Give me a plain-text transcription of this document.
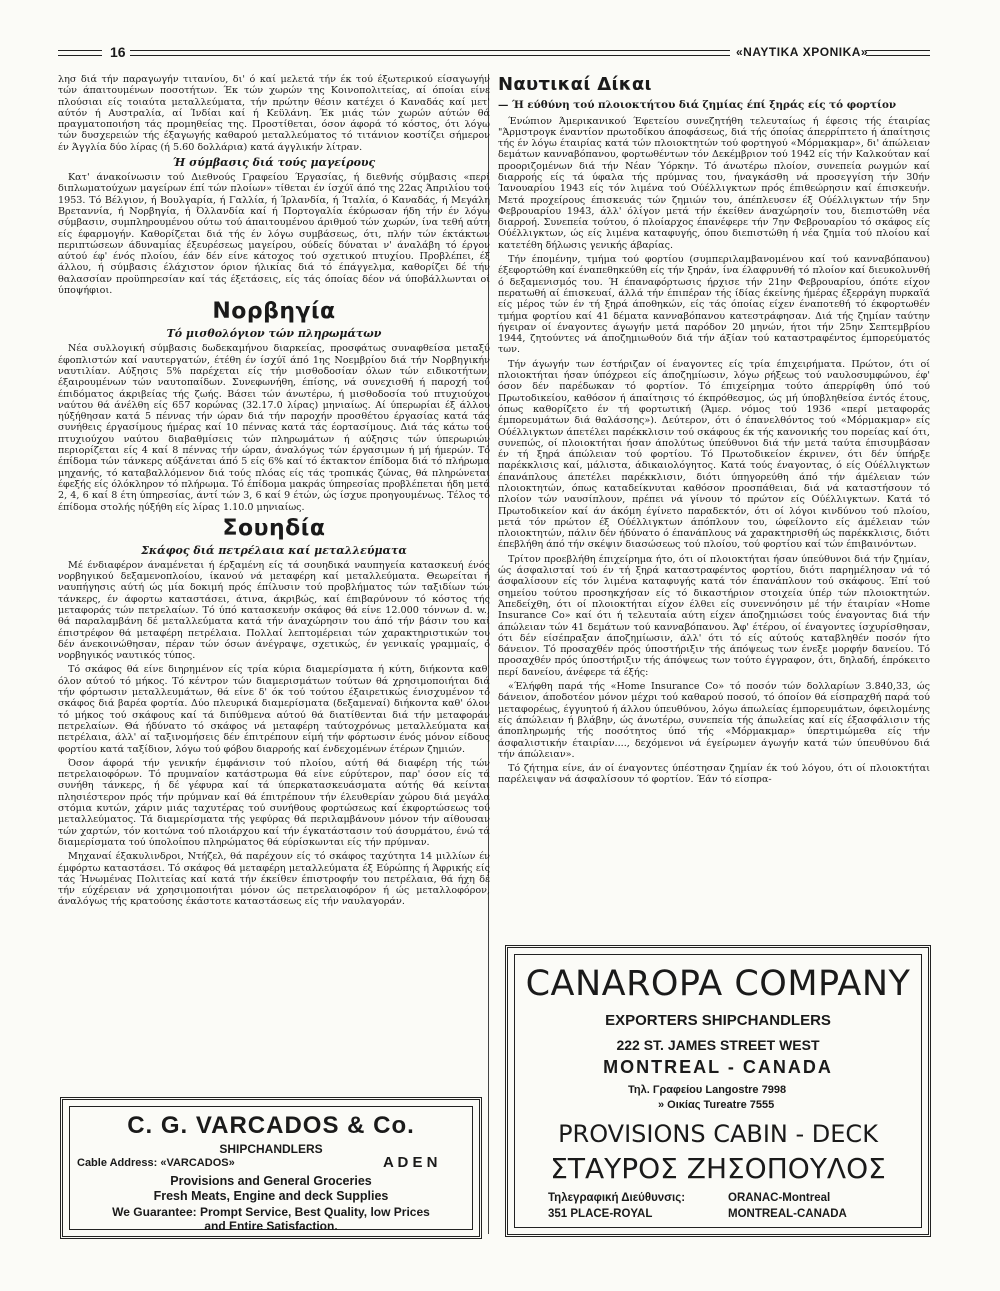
16	«ΝΑΥΤΙΚΑ ΧΡΟΝΙΚΑ»

λησ διά τήν παραγωγήν τιτανίου, δι' ό καί μελετά τήν έκ τού έξωτερικού είσαγωγήν τών άπαιτουμένων ποσοτήτων. Έκ τών χωρών της Κοινοπολιτείας, αί όποίαι είνε πλούσιαι είς τοιαύτα μεταλλεύματα, τήν πρώτην θέσιν κατέχει ό Καναδάς καί μετ' αύτόν ή Αυστραλία, αί Ίνδίαι καί ή Κεϋλάνη. Έκ μιάς τών χωρών αύτών θά πραγματοποιήση τάς προμηθείας της. Προστίθεται, όσον άφορά τό κόστος, ότι λόγω τών δυσχερειών τής έξαγωγής καθαρού μεταλλεύματος τό τιτάνιον κοστίζει σήμερον έν Άγγλία δύο λίρας (ή 5.60 δολλάρια) κατά άγγλικήν λίτραν.

Ή σύμβασις διά τούς μαγείρους

Κατ' άνακοίνωσιν τού Διεθνούς Γραφείου Έργασίας, ή διεθνής σύμβασις «περί διπλωματούχων μαγείρων έπί τών πλοίων» τίθεται έν ίσχύϊ άπό της 22ας Άπριλίου τού 1953. Τό Βέλγιον, ή Βουλγαρία, ή Γαλλία, ή Ίρλανδία, ή Ίταλία, ό Καναδάς, ή Μεγάλη Βρεταννία, ή Νορβηγία, ή Όλλανδία καί ή Πορτογαλία έκύρωσαν ήδη τήν έν λόγω σύμβασιν, συμπληρουμένου ούτω τού άπαιτουμένου άριθμού τών χωρών, ίνα τεθή αύτη είς έφαρμογήν. Καθορίζεται διά τής έν λόγω συμβάσεως, ότι, πλήν τών έκτάκτων περιπτώσεων άδυναμίας έξευρέσεως μαγείρου, ούδείς δύναται ν' άναλάβη τό έργον αύτού έφ' ένός πλοίου, έάν δέν είνε κάτοχος τού σχετικού πτυχίου. Προβλέπει, έξ άλλου, ή σύμβασις έλάχιστον όριον ήλικίας διά τό έπάγγελμα, καθορίζει δέ τήν θαλασσίαν προϋπηρεσίαν καί τάς έξετάσεις, είς τάς όποίας δέον νά ύποβάλλωνται οί ύποψήφιοι.

Νορβηγία
Τό μισθολόγιον τών πληρωμάτων

Νέα συλλογική σύμβασις δωδεκαμήνου διαρκείας, προσφάτως συναφθείσα μεταξύ έφοπλιστών καί ναυτεργατών, έτέθη έν ίσχύϊ άπό 1ης Νοεμβρίου διά τήν Νορβηγικήν ναυτιλίαν. Αύξησις 5% παρέχεται είς τήν μισθοδοσίαν όλων τών ειδικοτήτων, έξαιρουμένων τών ναυτοπαίδων. Συνεφωνήθη, έπίσης, νά συνεχισθή ή παροχή τού έπιδόματος άκριβείας τής ζωής. Βάσει τών άνωτέρω, ή μισθοδοσία τού πτυχιούχου ναύτου θά άνέλθη είς 657 κορώνας (32.17.0 λίρας) μηνιαίως. Αί ύπερωρίαι έξ άλλου ηύξήθησαν κατά 5 πέννας τήν ώραν διά τήν παροχήν προσθέτου έργασίας κατά τάς συνήθεις έργασίμους ήμέρας καί 10 πέννας κατά τάς έορτασίμους. Διά τάς κάτω τού πτυχιούχου ναύτου διαβαθμίσεις τών πληρωμάτων ή αύξησις τών ύπερωριών περιορίζεται είς 4 καί 8 πέννας τήν ώραν, άναλόγως τών έργασιμων ή μή ήμερών. Τό έπίδομα τών τάνκερς αύξάνεται άπό 5 είς 6% καί τό έκτακτον έπίδομα διά τό πλήρωμα μηχανής, τό καταβαλλόμενον διά τούς πλόας είς τάς τροπικάς ζώνας, θά πληρώνεται έφεξής είς όλόκληρον τό πλήρωμα. Τό έπίδομα μακράς ύπηρεσίας προβλέπεται ήδη μετά 2, 4, 6 καί 8 έτη ύπηρεσίας, άντί τών 3, 6 καί 9 έτών, ώς ίσχυε προηγουμένως. Τέλος τό έπίδομα στολής ηύξήθη είς λίρας 1.10.0 μηνιαίως.

Σουηδία
Σκάφος διά πετρέλαια καί μεταλλεύματα

Μέ ένδιαφέρον άναμένεται ή έρξαμένη είς τά σουηδικά ναυπηγεία κατασκευή ένός νορβηγικού δεξαμενοπλοίου, ίκανού νά μεταφέρη καί μεταλλεύματα. Θεωρείται ή ναυπήγησις αύτή ώς μία δοκιμή πρός έπίλυσιν τού προβλήματος τών ταξιδίων τών τάνκερς, έν άφορτω καταστάσει, άτινα, άκριβώς, καί έπιβαρύνουν τό κόστος τής μεταφοράς τών πετρελαίων. Τό ύπό κατασκευήν σκάφος θά είνε 12.000 τόννων d. w., θά παραλαμβάνη δέ μεταλλεύματα κατά τήν άναχώρησιν του άπό τήν βάσιν του καί έπιστρέφον θά μεταφέρη πετρέλαια. Πολλαί λεπτομέρειαι τών χαρακτηριστικών του δέν άνεκοινώθησαν, πέραν τών όσων άνέγραψε, σχετικώς, έν γενικαίς γραμμαίς, ό νορβηγικός ναυτικός τύπος.

Τό σκάφος θά είνε διηρημένον είς τρία κύρια διαμερίσματα ή κύτη, διήκοντα καθ' όλον αύτού τό μήκος. Τό κέντρον τών διαμερισμάτων τούτων θά χρησιμοποιήται διά τήν φόρτωσιν μεταλλευμάτων, θά είνε δ' όκ τού τούτου έξαιρετικώς ένισχυμένον τό σκάφος διά βαρέα φορτία. Δύο πλευρικά διαμερίσματα (δεξαμεναί) διήκοντα καθ' όλον τό μήκος τού σκάφους καί τά διπύθμενα αύτού θά διατίθενται διά τήν μεταφοράν πετρελαίων. Θά ήδύνατο τό σκάφος νά μεταφέρη ταύτοχρόνως μεταλλεύματα καί πετρέλαια, άλλ' αί ταξινομήσεις δέν έπιτρέπουν είμή τήν φόρτωσιν ένός μόνον είδους φορτίου κατά ταξίδιον, λόγω τού φόβου διαρροής καί ένδεχομένων έτέρων ζημιών.

Όσον άφορά τήν γενικήν έμφάνισιν τού πλοίου, αύτή θά διαφέρη τής τών πετρελαιοφόρων. Τό πρυμναίον κατάστρωμα θά είνε εύρύτερον, παρ' όσον είς τά συνήθη τάνκερς, ή δέ γέφυρα καί τά ύπερκατασκευάσματα αύτής θά κείνται πλησιέστερον πρός τήν πρύμναν καί θά έπιτρέπουν τήν έλευθερίαν χώρου διά μεγάλα στόμια κυτών, χάριν μιάς ταχυτέρας τού συνήθους φορτώσεως καί έκφορτώσεως τού μεταλλεύματος. Τά διαμερίσματα τής γεφύρας θά περιλαμβάνουν μόνον τήν αίθουσαν τών χαρτών, τόν κοιτώνα τού πλοιάρχου καί τήν έγκατάστασιν τού άσυρμάτου, ένώ τά διαμερίσματα τού ύπολοίπου πληρώματος θά εύρίσκωνται είς τήν πρύμναν.

Μηχαναί έξακυλινδροι, Ντήζελ, θά παρέχουν είς τό σκάφος ταχύτητα 14 μιλλίων έν έμφόρτω καταστάσει. Τό σκάφος θά μεταφέρη μεταλλεύματα έξ Εύρώπης ή Άφρικής είς τάς Ήνωμένας Πολιτείας καί κατά τήν έκείθεν έπιστροφήν του πετρέλαια, θά ήχη δέ τήν εύχέρειαν νά χρησιμοποιήται μόνον ώς πετρελαιοφόρον ή ώς μεταλλοφόρον, άναλόγως τής κρατούσης έκάστοτε καταστάσεως είς τήν ναυλαγοράν.

Ναυτικαί Δίκαι
— Ή εύθύνη τού πλοιοκτήτου διά ζημίας έπί ξηράς είς τό φορτίον

Ένώπιον Άμερικανικού Έφετείου συνεζητήθη τελευταίως ή έφεσις τής έταιρίας "Άρμστρογκ έναντίον πρωτοδίκου άποφάσεως, διά τής όποίας άπερρίπτετο ή άπαίτησις τής έν λόγω έταιρίας κατά τών πλοιοκτητών τού φορτηγού «Μόρμακμαρ», δι' άπώλειαν δεμάτων κανναβόπανου, φορτωθέντων τόν Δεκέμβριον τού 1942 είς τήν Καλκούταν καί προοριζομένων διά τήν Νέαν Ύόρκην. Τό άνωτέρω πλοίον, συνεπεία ρωγμών καί διαρροής είς τά ύφαλα τής πρύμνας του, ήναγκάσθη νά προσεγγίση τήν 30ήν Ίανουαρίου 1943 είς τόν λιμένα τού Ούέλλιγκτων πρός έπιθεώρησιν καί έπισκευήν. Μετά προχείρους έπισκευάς τών ζημιών του, άπέπλευσεν έξ Ούέλλιγκτων τήν 5ην Φεβρουαρίου 1943, άλλ' όλίγον μετά τήν έκείθεν άναχώρησίν του, διεπιστώθη νέα διαρροή. Συνεπεία τούτου, ό πλοίαρχος έπανέφερε τήν 7ην Φεβρουαρίου τό σκάφος είς Ούέλλιγκτων, ώς είς λιμένα καταφυγής, όπου διεπιστώθη ή νέα ζημία τού πλοίου καί κατετέθη δήλωσις γενικής άβαρίας.

Τήν έπομένην, τμήμα τού φορτίου (συμπεριλαμβανομένου καί τού κανναβόπανου) έξεφορτώθη καί έναπεθηκεύθη είς τήν ξηράν, ίνα έλαφρυνθή τό πλοίον καί διευκολυνθή ό δεξαμενισμός του. Ή έπαναφόρτωσις ήρχισε τήν 21ην Φεβρουαρίου, όπότε είχον περατωθή αί έπισκευαί, άλλά τήν έπιπέραν τής ίδίας έκείνης ήμέρας έξερράγη πυρκαϊά είς μέρος τών έν τή ξηρά άποθηκών, είς τάς όποίας είχεν έναποτεθή τό έκφορτωθέν τμήμα φορτίου καί 41 δέματα κανναβόπανου κατεστράφησαν. Διά τής ζημίαν ταύτην ήγειραν οί έναγοντες άγωγήν μετά παρόδον 20 μηνών, ήτοι τήν 25ην Σεπτεμβρίου 1944, ζητούντες νά άποζημιωθούν διά τήν άξίαν τού καταστραφέντος έμπορεύματός των.

Τήν άγωγήν των έστήριζαν οί έναγοντες είς τρία έπιχειρήματα. Πρώτον, ότι οί πλοιοκτήται ήσαν ύπόχρεοι είς άποζημίωσιν, λόγω ρήξεως τού ναυλοσυμφώνου, έφ' όσον δέν παρέδωκαν τό φορτίον. Τό έπιχείρημα τούτο άπερρίφθη ύπό τού Πρωτοδικείου, καθόσον ή άπαίτησις τό έκπρόθεσμος, ώς μή ύποβληθείσα έντός έτους, όπως καθορίζετο έν τή φορτωτική (Άμερ. νόμος τού 1936 «περί μεταφοράς έμπορευμάτων διά θαλάσσης»). Δεύτερον, ότι ό έπανελθόντος τού «Μόρμακμαρ» είς Ούέλλιγκτων άπετέλει παρέκκλισιν τού σκάφους έκ τής κανονικής του πορείας καί ότι, συνεπώς, οί πλοιοκτήται ήσαν άπολύτως ύπεύθυνοι διά τήν μετά ταύτα έπισυμβάσαν έν τή ξηρά άπώλειαν τού φορτίου. Τό Πρωτοδικείον έκρινεν, ότι δέν ύπήρξε παρέκκλισις καί, μάλιστα, άδικαιολόγητος. Κατά τούς έναγοντας, ό είς Ούέλλιγκτων έπανάπλους άπετέλει παρέκκλισιν, διότι ύπηγορεύθη άπό τήν άμέλειαν τών πλοιοκτητών, όπως καταδείκνυται καθόσον προσπάθειαι, διά νά καταστήσουν τό πλοίον τών ναυσίπλουν, πρέπει νά γίνουν τό πρώτον είς Ούέλλιγκτων. Κατά τό Πρωτοδικείον καί άν άκόμη έγίνετο παραδεκτόν, ότι οί λόγοι κινδύνου τού πλοίου, μετά τόν πρώτον έξ Ούέλλιγκτων άπόπλουν του, ώφείλοντο είς άμέλειαν τών πλοιοκτητών, πάλιν δέν ήδύνατο ό έπανάπλους νά χαρακτηρισθή ώς παρέκκλισις, διότι έπεβλήθη άπό τήν σκέψιν διασώσεως τού πλοίου, τού φορτίου καί τών έπιβαινόντων.

Τρίτον προεβλήθη έπιχείρημα ήτο, ότι οί πλοιοκτήται ήσαν ύπεύθυνοι διά τήν ζημίαν, ώς άσφαλισταί τού έν τή ξηρά καταστραφέντος φορτίου, διότι παρημέλησαν νά τό άσφαλίσουν είς τόν λιμένα καταφυγής κατά τόν έπανάπλουν τού σκάφους. Έπί τού σημείου τούτου προσηκχήσαν είς τό δικαστήριον στοιχεία ύπέρ τών πλοιοκτητών. Άπεδείχθη, ότι οί πλοιοκτήται είχον έλθει είς συνεννόησιν μέ τήν έταιρίαν «Home Insurance Co» καί ότι ή τελευταία αύτη είχεν άποζημιώσει τούς έναγοντας διά τήν άπώλειαν τών 41 δεμάτων τού κανναβόπανου. Άφ' έτέρου, οί έναγοντες ίσχυρίσθησαν, ότι δέν είσέπραξαν άποζημίωσιν, άλλ' ότι τό είς αύτούς καταβληθέν ποσόν ήτο δάνειον. Τό προσαχθέν πρός ύποστήριξιν τής άπόψεως των ένεξε μορφήν δανείου. Τό προσαχθέν πρός ύποστήριξιν τής άπόψεως των τούτο έγγραφον, ότι, δηλαδή, έπρόκειτο περί δανείου, άνέφερε τά έξής:

«Έλήφθη παρά τής «Home Insurance Co» τό ποσόν τών δολλαρίων 3.840,33, ώς δάνειον, άποδοτέον μόνον μέχρι τού καθαρού ποσού, τό όποίον θά είσπραχθή παρά τού μεταφορέως, έγγυητού ή άλλου ύπευθύνου, λόγω άπωλείας έμπορευμάτων, όφειλομένης είς άπώλειαν ή βλάβην, ώς άνωτέρω, συνεπεία τής άπωλείας καί είς έξασφάλισιν τής άποπληρωμής τής ποσότητος ύπό τής «Μόρμακμαρ» ύπερτιμώμεθα είς τήν άσφαλιστικήν έταιρίαν...., δεχόμενοι νά έγείρωμεν άγωγήν κατά τών ύπευθύνου διά τήν άπώλειαν».

Τό ζήτημα είνε, άν οί έναγοντες ύπέστησαν ζημίαν έκ τού λόγου, ότι οί πλοιοκτήται παρέλειψαν νά άσφαλίσουν τό φορτίον. Έάν τό είσπρα-

C. G. VARCADOS & Co.
SHIPCHANDLERS
Cable Address: «VARCADOS»	A D E N
Provisions and General Groceries
Fresh Meats, Engine and deck Supplies
We Guarantee: Prompt Service, Best Quality, low Prices
and Entire Satisfaction.
CANAROPA COMPANY
EXPORTERS SHIPCHANDLERS
222 ST. JAMES STREET WEST
MONTREAL - CANADA
Τηλ. Γραφείου Langostre 7998
» Οικίας Tureatre 7555
PROVISIONS CABIN - DECK
ΣΤΑΥΡΟΣ ΖΗΣΟΠΟΥΛΟΣ
Τηλεγραφική Διεύθυνσις:	ORANAC-Montreal
351 PLACE-ROYAL	MONTREAL-CANADA
